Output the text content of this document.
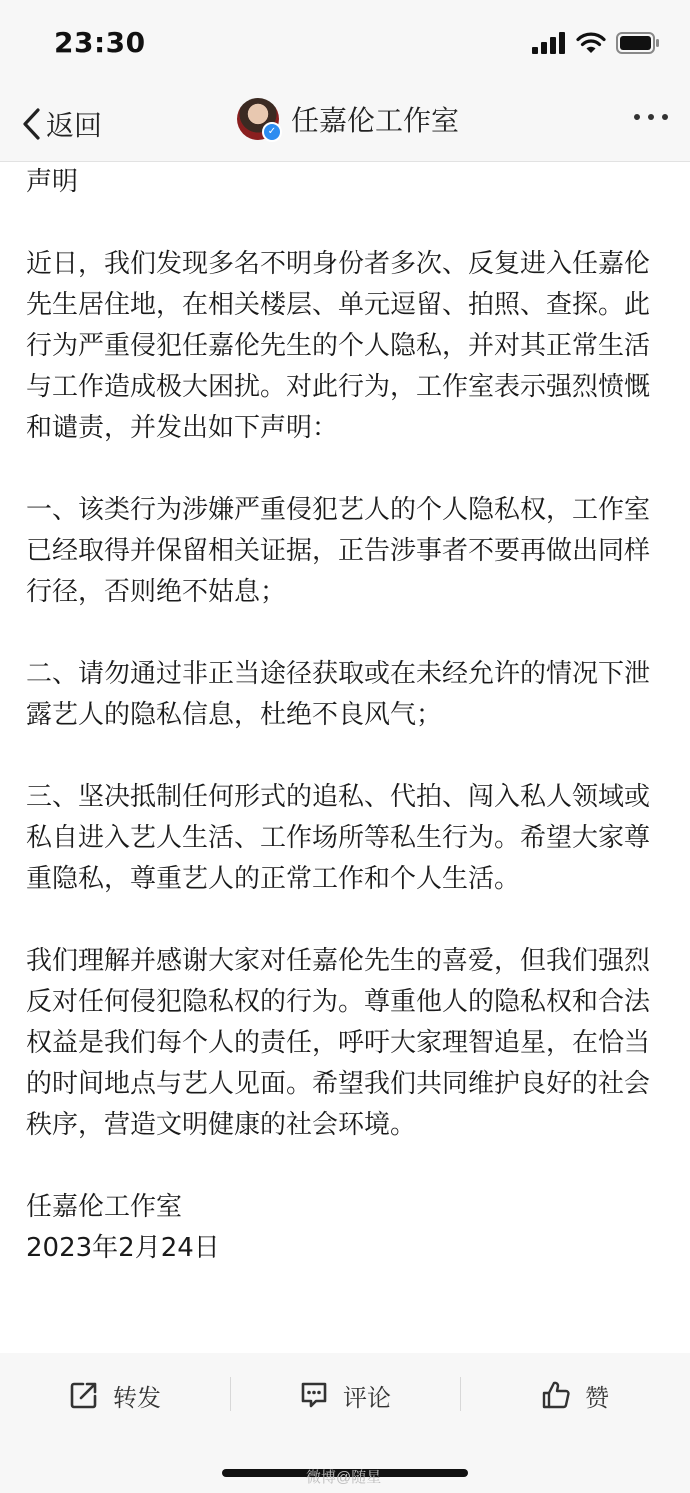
23:30
返回	✓ 任嘉伦工作室

声明

近日，我们发现多名不明身份者多次、反复进入任嘉伦先生居住地，在相关楼层、单元逗留、拍照、查探。此行为严重侵犯任嘉伦先生的个人隐私，并对其正常生活与工作造成极大困扰。对此行为，工作室表示强烈愤慨和谴责，并发出如下声明：

一、该类行为涉嫌严重侵犯艺人的个人隐私权，工作室已经取得并保留相关证据，正告涉事者不要再做出同样行径，否则绝不姑息；

二、请勿通过非正当途径获取或在未经允许的情况下泄露艺人的隐私信息，杜绝不良风气；

三、坚决抵制任何形式的追私、代拍、闯入私人领域或私自进入艺人生活、工作场所等私生行为。希望大家尊重隐私，尊重艺人的正常工作和个人生活。

我们理解并感谢大家对任嘉伦先生的喜爱，但我们强烈反对任何侵犯隐私权的行为。尊重他人的隐私权和合法权益是我们每个人的责任，呼吁大家理智追星，在恰当的时间地点与艺人见面。希望我们共同维护良好的社会秩序，营造文明健康的社会环境。

任嘉伦工作室

2023年2月24日

转发	评论	赞
微博@随星
